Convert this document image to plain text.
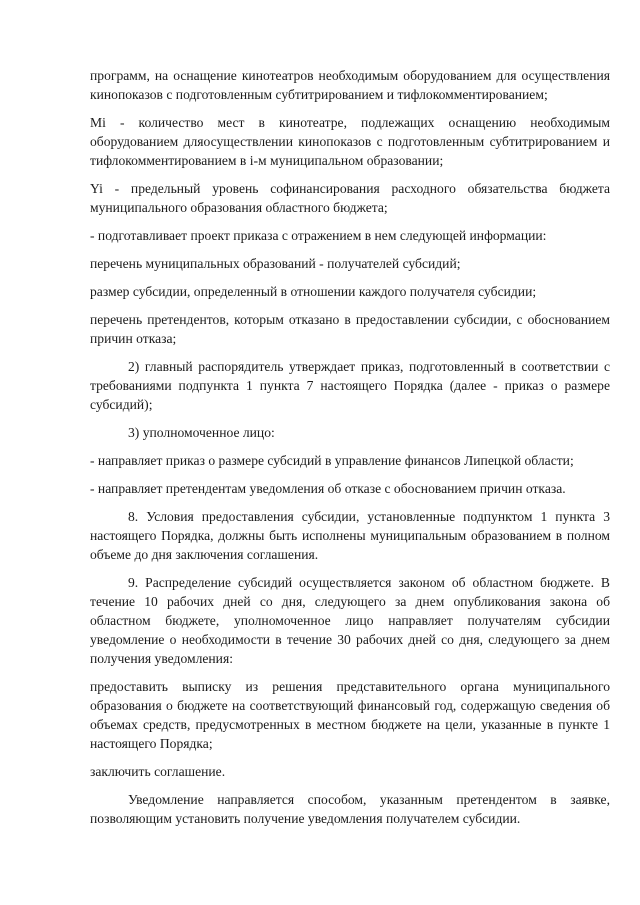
программ, на оснащение кинотеатров необходимым оборудованием для осуществления кинопоказов с подготовленным субтитрированием и тифлокомментированием;

Mi - количество мест в кинотеатре, подлежащих оснащению необходимым оборудованием дляосуществлении кинопоказов с подготовленным субтитрированием и тифлокомментированием в i-м муниципальном образовании;

Yi - предельный уровень софинансирования расходного обязательства бюджета муниципального образования областного бюджета;

- подготавливает проект приказа с отражением в нем следующей информации:

перечень муниципальных образований - получателей субсидий;

размер субсидии, определенный в отношении каждого получателя субсидии;

перечень претендентов, которым отказано в предоставлении субсидии, с обоснованием причин отказа;

2) главный распорядитель утверждает приказ, подготовленный в соответствии с требованиями подпункта 1 пункта 7 настоящего Порядка (далее - приказ о размере субсидий);

3) уполномоченное лицо:

- направляет приказ о размере субсидий в управление финансов Липецкой области;

- направляет претендентам уведомления об отказе с обоснованием причин отказа.

8. Условия предоставления субсидии, установленные подпунктом 1 пункта 3 настоящего Порядка, должны быть исполнены муниципальным образованием в полном объеме до дня заключения соглашения.

9. Распределение субсидий осуществляется законом об областном бюджете. В течение 10 рабочих дней со дня, следующего за днем опубликования закона об областном бюджете, уполномоченное лицо направляет получателям субсидии уведомление о необходимости в течение 30 рабочих дней со дня, следующего за днем получения уведомления:

предоставить выписку из решения представительного органа муниципального образования о бюджете на соответствующий финансовый год, содержащую сведения об объемах средств, предусмотренных в местном бюджете на цели, указанные в пункте 1 настоящего Порядка;

заключить соглашение.

Уведомление направляется способом, указанным претендентом в заявке, позволяющим установить получение уведомления получателем субсидии.
